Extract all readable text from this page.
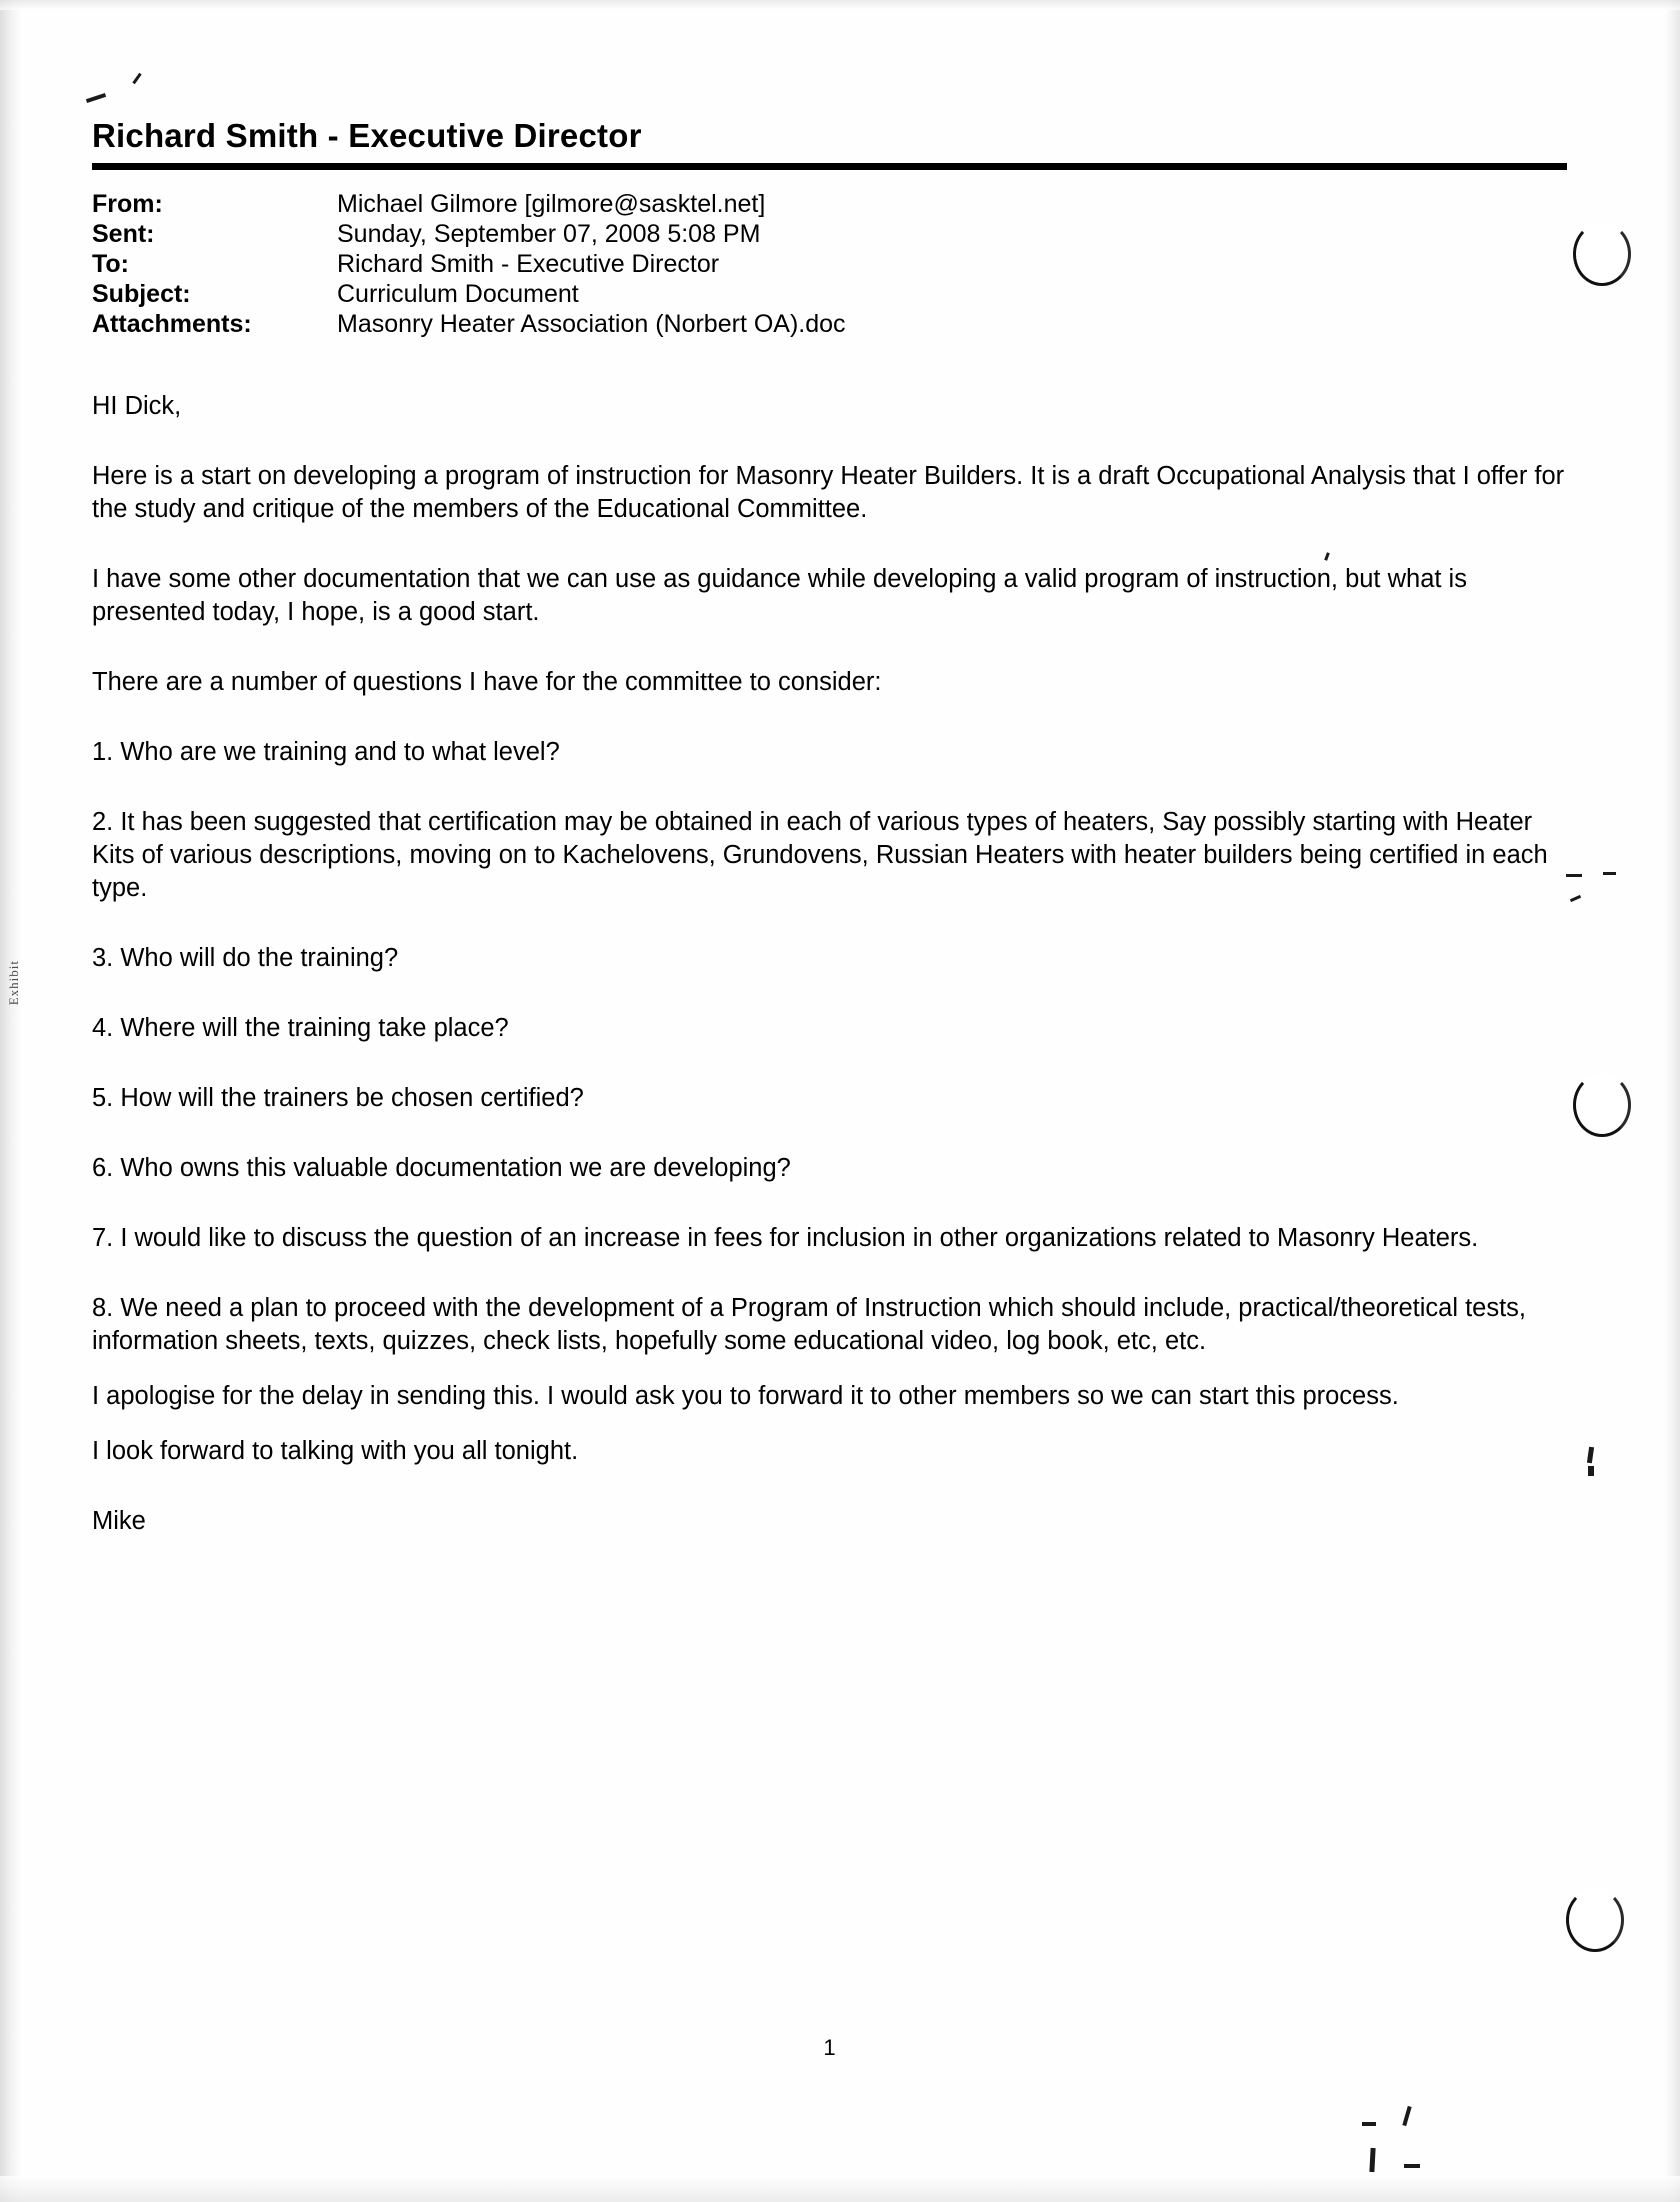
Exhibit
Richard Smith - Executive Director
From:	Michael Gilmore [gilmore@sasktel.net]
Sent:	Sunday, September 07, 2008 5:08 PM
To:	Richard Smith - Executive Director
Subject:	Curriculum Document
Attachments:	Masonry Heater Association (Norbert OA).doc

HI Dick,

Here is a start on developing a program of instruction for Masonry Heater Builders. It is a draft Occupational Analysis that I offer for the study and critique of the members of the Educational Committee.

I have some other documentation that we can use as guidance while developing a valid program of instruction, but what is presented today, I hope, is a good start.

There are a number of questions I have for the committee to consider:

1. Who are we training and to what level?

2. It has been suggested that certification may be obtained in each of various types of heaters, Say possibly starting with Heater Kits of various descriptions, moving on to Kachelovens, Grundovens, Russian Heaters with heater builders being certified in each type.

3. Who will do the training?

4. Where will the training take place?

5. How will the trainers be chosen certified?

6. Who owns this valuable documentation we are developing?

7. I would like to discuss the question of an increase in fees for inclusion in other organizations related to Masonry Heaters.

8. We need a plan to proceed with the development of a Program of Instruction which should include, practical/theoretical tests, information sheets, texts, quizzes, check lists, hopefully some educational video, log book, etc, etc.

I apologise for the delay in sending this. I would ask you to forward it to other members so we can start this process.

I look forward to talking with you all tonight.

Mike

1
